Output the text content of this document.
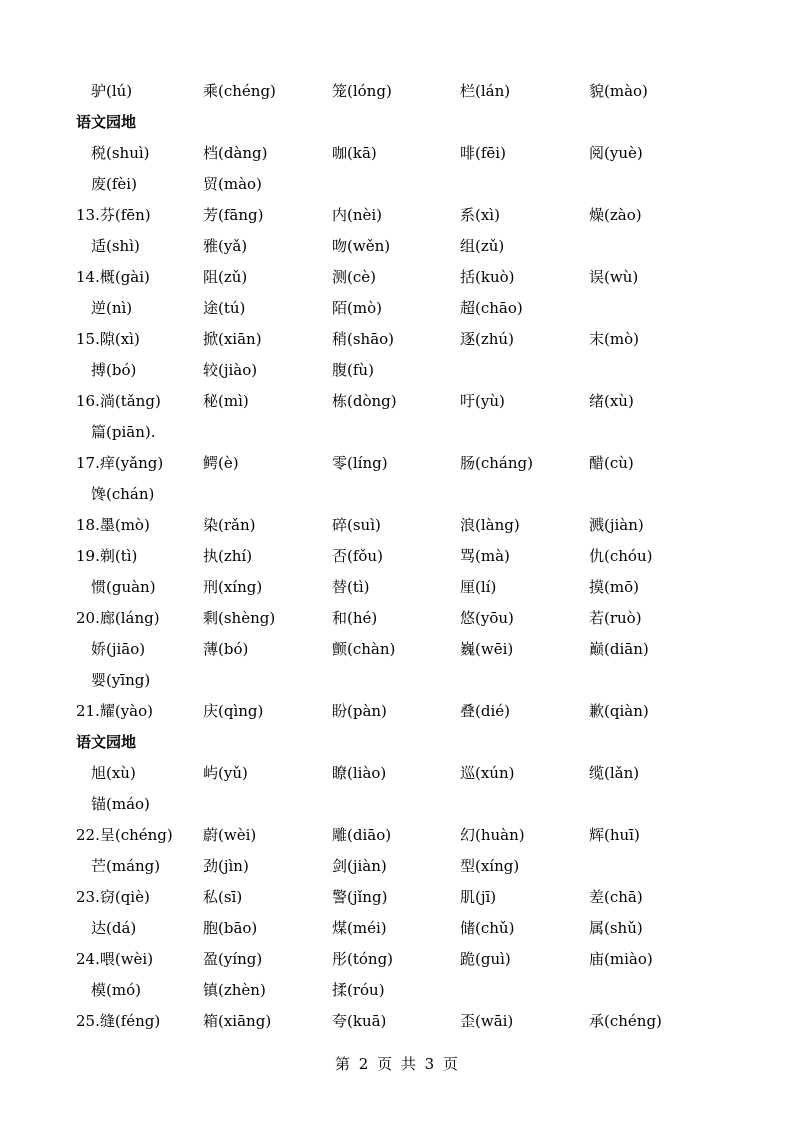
驴(lú)	乘(chéng)	笼(lóng)	栏(lán)	貌(mào)
语文园地
税(shuì)	档(dàng)	咖(kā)	啡(fēi)	阅(yuè)
废(fèi)	贸(mào)
13.芬(fēn)	芳(fāng)	内(nèi)	系(xì)	燥(zào)
适(shì)	雅(yǎ)	吻(wěn)	组(zǔ)
14.概(gài)	阻(zǔ)	测(cè)	括(kuò)	误(wù)
逆(nì)	途(tú)	陌(mò)	超(chāo)
15.隙(xì)	掀(xiān)	稍(shāo)	逐(zhú)	末(mò)
搏(bó)	较(jiào)	腹(fù)
16.淌(tǎng)	秘(mì)	栋(dòng)	吁(yù)	绪(xù)
篇(piān).
17.痒(yǎng)	鳄(è)	零(líng)	肠(cháng)	醋(cù)
馋(chán)
18.墨(mò)	染(rǎn)	碎(suì)	浪(làng)	溅(jiàn)
19.剃(tì)	执(zhí)	否(fǒu)	骂(mà)	仇(chóu)
惯(guàn)	刑(xíng)	替(tì)	厘(lí)	摸(mō)
20.廊(láng)	剩(shèng)	和(hé)	悠(yōu)	若(ruò)
娇(jiāo)	薄(bó)	颤(chàn)	巍(wēi)	巅(diān)
婴(yīng)
21.耀(yào)	庆(qìng)	盼(pàn)	叠(dié)	歉(qiàn)
语文园地
旭(xù)	屿(yǔ)	瞭(liào)	巡(xún)	缆(lǎn)
锚(máo)
22.呈(chéng) 蔚(wèi)	雕(diāo)	幻(huàn)	辉(huī)
芒(máng)	劲(jìn)	剑(jiàn)	型(xíng)
23.窃(qiè)	私(sī)	警(jǐng)	肌(jī)	差(chā)
达(dá)	胞(bāo)	煤(méi)	储(chǔ)	属(shǔ)
24.喂(wèi)	盈(yíng)	彤(tóng)	跪(guì)	庙(miào)
模(mó)	镇(zhèn)	揉(róu)
25.缝(féng)	箱(xiāng)	夸(kuā)	歪(wāi)	承(chéng)
第 2 页 共 3 页
